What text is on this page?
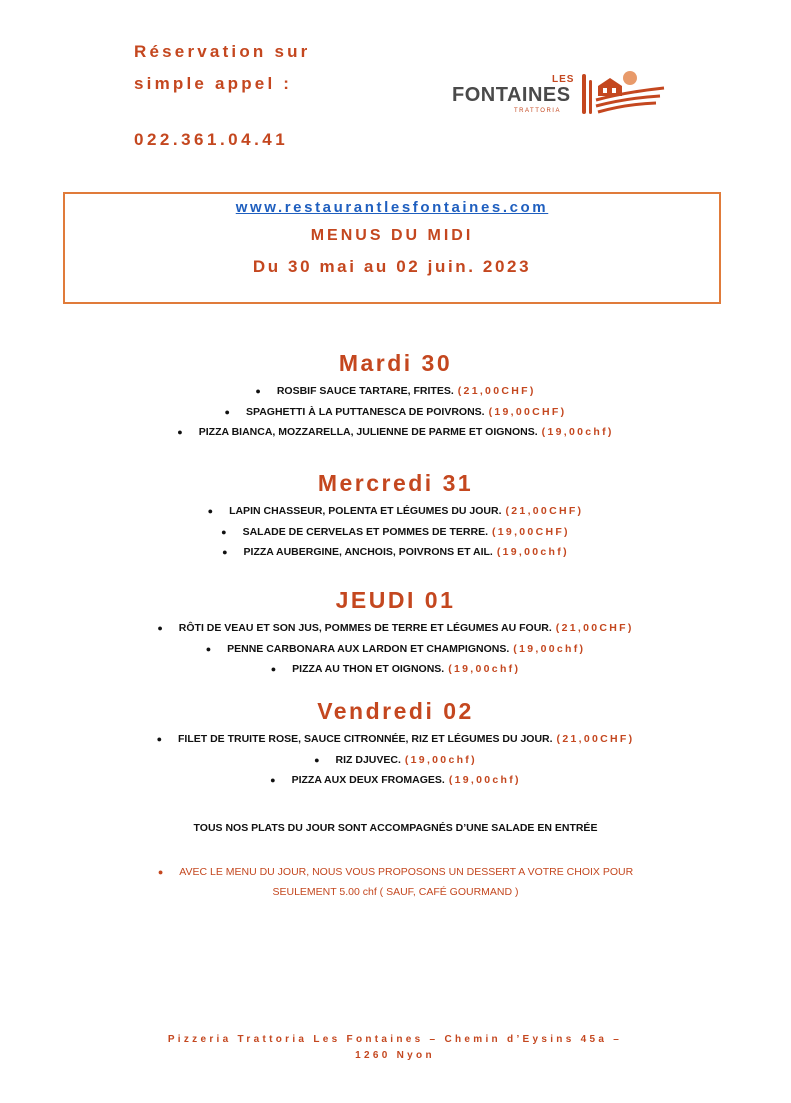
Réservation sur
simple appel :
022.361.04.41
LES
FONTAINES
TRATTORIA
www.restaurantlesfontaines.com
MENUS DU MIDI
Du 30 mai au 02 juin. 2023
Mardi 30
● ROSBIF SAUCE TARTARE, FRITES. (21,00CHF)
● SPAGHETTI À LA PUTTANESCA DE POIVRONS. (19,00CHF)
● PIZZA BIANCA, MOZZARELLA, JULIENNE DE PARME ET OIGNONS. (19,00chf)
Mercredi 31
● LAPIN CHASSEUR, POLENTA ET LÉGUMES DU JOUR. (21,00CHF)
● SALADE DE CERVELAS ET POMMES DE TERRE. (19,00CHF)
● PIZZA AUBERGINE, ANCHOIS, POIVRONS ET AIL. (19,00chf)
JEUDI 01
● RÔTI DE VEAU ET SON JUS, POMMES DE TERRE ET LÉGUMES AU FOUR. (21,00CHF)
● PENNE CARBONARA AUX LARDON ET CHAMPIGNONS. (19,00chf)
● PIZZA AU THON ET OIGNONS. (19,00chf)
Vendredi 02
● FILET DE TRUITE ROSE, SAUCE CITRONNÉE, RIZ ET LÉGUMES DU JOUR. (21,00CHF)
● RIZ DJUVEC. (19,00chf)
● PIZZA AUX DEUX FROMAGES. (19,00chf)
TOUS NOS PLATS DU JOUR SONT ACCOMPAGNÉS D’UNE SALADE EN ENTRÉE
● AVEC LE MENU DU JOUR, NOUS VOUS PROPOSONS UN DESSERT A VOTRE CHOIX POUR
SEULEMENT 5.00 chf ( SAUF, CAFÉ GOURMAND )
Pizzeria Trattoria Les Fontaines – Chemin d’Eysins 45a –
1260 Nyon
